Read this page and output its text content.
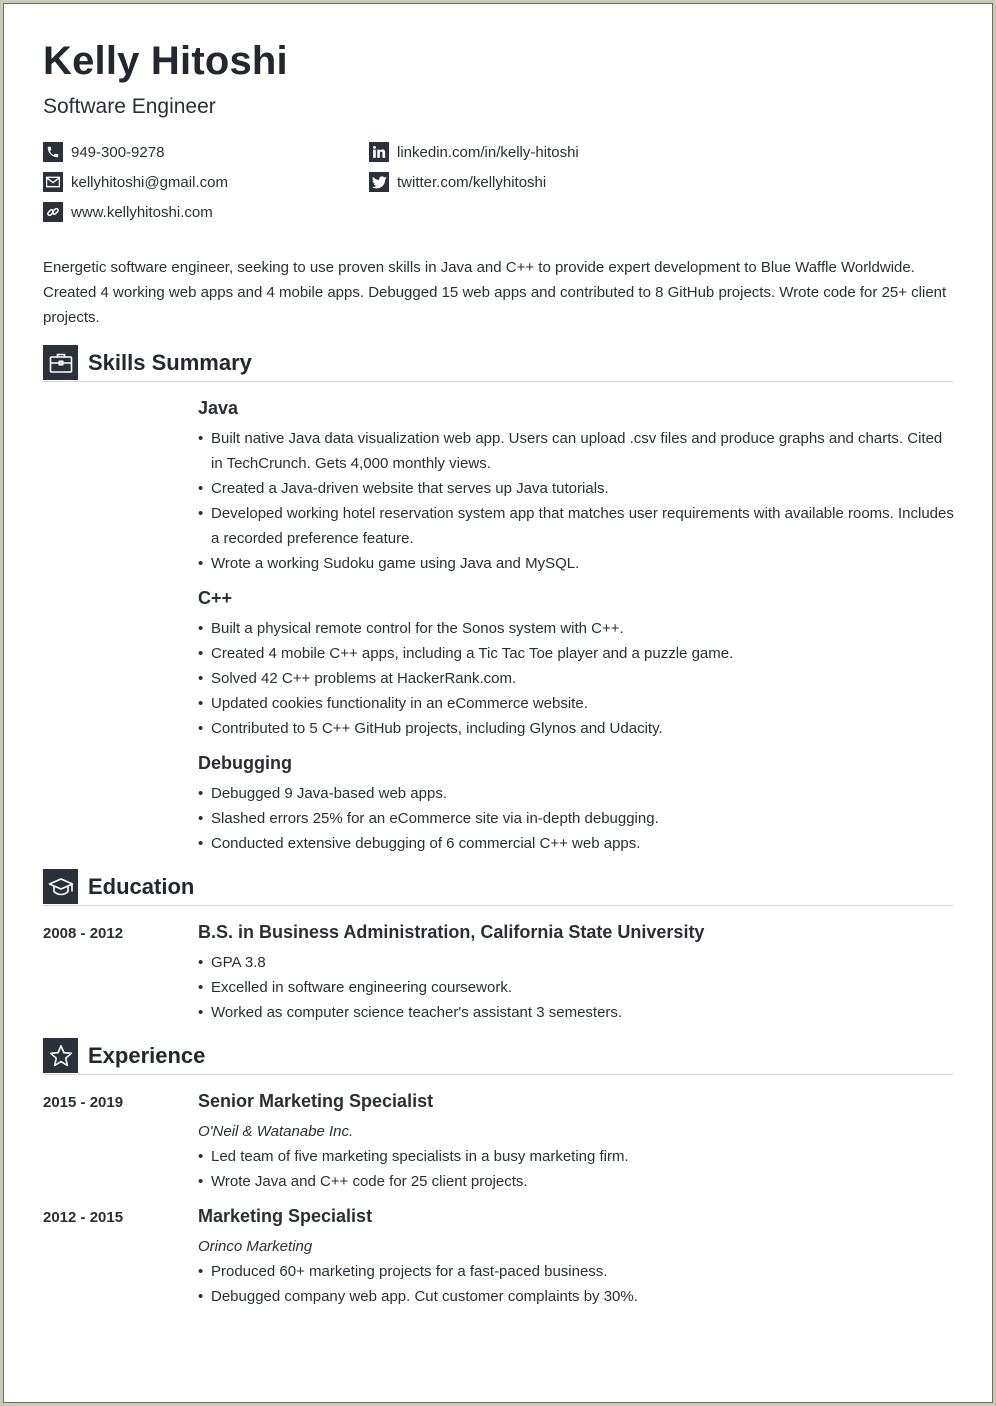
Kelly Hitoshi
Software Engineer
949-300-9278
kellyhitoshi@gmail.com
www.kellyhitoshi.com
linkedin.com/in/kelly-hitoshi
twitter.com/kellyhitoshi
Energetic software engineer, seeking to use proven skills in Java and C++ to provide expert development to Blue Waffle Worldwide. Created 4 working web apps and 4 mobile apps. Debugged 15 web apps and contributed to 8 GitHub projects. Wrote code for 25+ client projects.
Skills Summary
Java
• Built native Java data visualization web app. Users can upload .csv files and produce graphs and charts. Cited in TechCrunch. Gets 4,000 monthly views.
• Created a Java-driven website that serves up Java tutorials.
• Developed working hotel reservation system app that matches user requirements with available rooms. Includes a recorded preference feature.
• Wrote a working Sudoku game using Java and MySQL.
C++
• Built a physical remote control for the Sonos system with C++.
• Created 4 mobile C++ apps, including a Tic Tac Toe player and a puzzle game.
• Solved 42 C++ problems at HackerRank.com.
• Updated cookies functionality in an eCommerce website.
• Contributed to 5 C++ GitHub projects, including Glynos and Udacity.
Debugging
• Debugged 9 Java-based web apps.
• Slashed errors 25% for an eCommerce site via in-depth debugging.
• Conducted extensive debugging of 6 commercial C++ web apps.
Education
2008 - 2012	B.S. in Business Administration, California State University
• GPA 3.8
• Excelled in software engineering coursework.
• Worked as computer science teacher's assistant 3 semesters.
Experience
2015 - 2019	Senior Marketing Specialist
O'Neil & Watanabe Inc.
• Led team of five marketing specialists in a busy marketing firm.
• Wrote Java and C++ code for 25 client projects.
2012 - 2015	Marketing Specialist
Orinco Marketing
• Produced 60+ marketing projects for a fast-paced business.
• Debugged company web app. Cut customer complaints by 30%.
